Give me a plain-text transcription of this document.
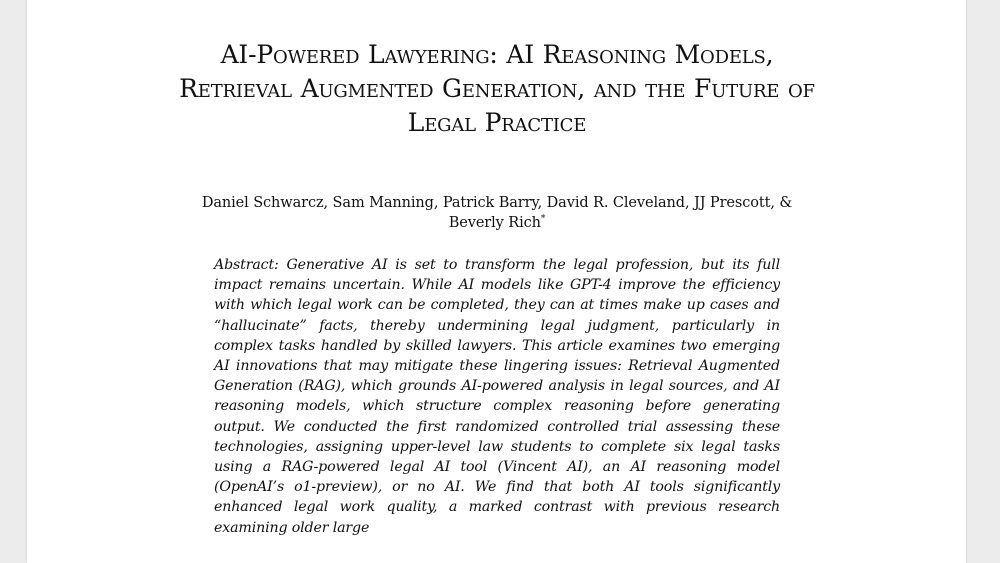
AI-Powered Lawyering: AI Reasoning Models, Retrieval Augmented Generation, and the Future of Legal Practice
Daniel Schwarcz, Sam Manning, Patrick Barry, David R. Cleveland, JJ Prescott, & Beverly Rich*
Abstract: Generative AI is set to transform the legal profession, but its full impact remains uncertain. While AI models like GPT-4 improve the efficiency with which legal work can be completed, they can at times make up cases and “hallucinate” facts, thereby undermining legal judgment, particularly in complex tasks handled by skilled lawyers. This article examines two emerging AI innovations that may mitigate these lingering issues: Retrieval Augmented Generation (RAG), which grounds AI-powered analysis in legal sources, and AI reasoning models, which structure complex reasoning before generating output. We conducted the first randomized controlled trial assessing these technologies, assigning upper-level law students to complete six legal tasks using a RAG-powered legal AI tool (Vincent AI), an AI reasoning model (OpenAI’s o1-preview), or no AI. We find that both AI tools significantly enhanced legal work quality, a marked contrast with previous research examining older large
